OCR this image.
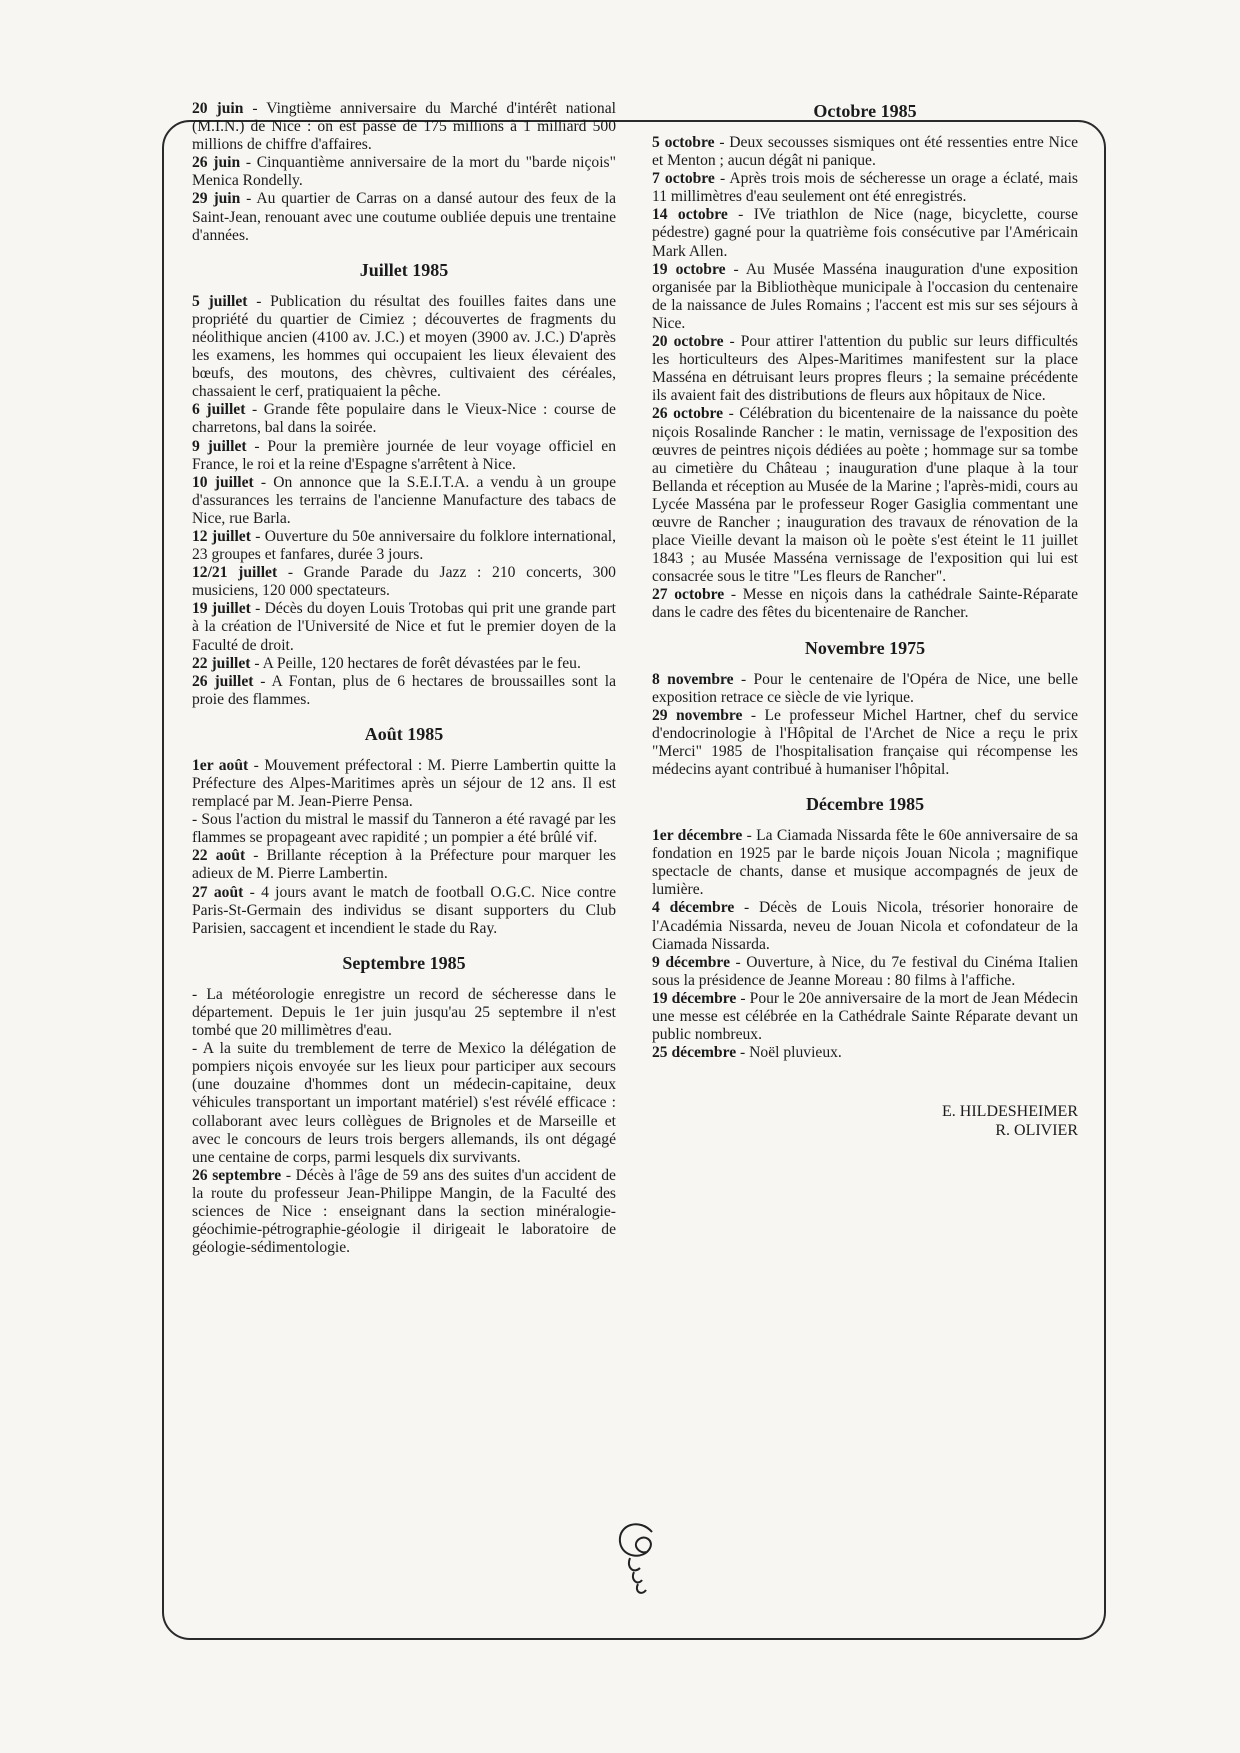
20 juin - Vingtième anniversaire du Marché d'intérêt national (M.I.N.) de Nice : on est passé de 175 millions à 1 milliard 500 millions de chiffre d'affaires.

26 juin - Cinquantième anniversaire de la mort du "barde niçois" Menica Rondelly.

29 juin - Au quartier de Carras on a dansé autour des feux de la Saint-Jean, renouant avec une coutume oubliée depuis une trentaine d'années.

Juillet 1985

5 juillet - Publication du résultat des fouilles faites dans une propriété du quartier de Cimiez ; découvertes de fragments du néolithique ancien (4100 av. J.C.) et moyen (3900 av. J.C.) D'après les examens, les hommes qui occupaient les lieux élevaient des bœufs, des moutons, des chèvres, cultivaient des céréales, chassaient le cerf, pratiquaient la pêche.

6 juillet - Grande fête populaire dans le Vieux-Nice : course de charretons, bal dans la soirée.

9 juillet - Pour la première journée de leur voyage officiel en France, le roi et la reine d'Espagne s'arrêtent à Nice.

10 juillet - On annonce que la S.E.I.T.A. a vendu à un groupe d'assurances les terrains de l'ancienne Manufacture des tabacs de Nice, rue Barla.

12 juillet - Ouverture du 50e anniversaire du folklore international, 23 groupes et fanfares, durée 3 jours.

12/21 juillet - Grande Parade du Jazz : 210 concerts, 300 musiciens, 120 000 spectateurs.

19 juillet - Décès du doyen Louis Trotobas qui prit une grande part à la création de l'Université de Nice et fut le premier doyen de la Faculté de droit.

22 juillet - A Peille, 120 hectares de forêt dévastées par le feu.

26 juillet - A Fontan, plus de 6 hectares de broussailles sont la proie des flammes.

Août 1985

1er août - Mouvement préfectoral : M. Pierre Lambertin quitte la Préfecture des Alpes-Maritimes après un séjour de 12 ans. Il est remplacé par M. Jean-Pierre Pensa.

- Sous l'action du mistral le massif du Tanneron a été ravagé par les flammes se propageant avec rapidité ; un pompier a été brûlé vif.

22 août - Brillante réception à la Préfecture pour marquer les adieux de M. Pierre Lambertin.

27 août - 4 jours avant le match de football O.G.C. Nice contre Paris-St-Germain des individus se disant supporters du Club Parisien, saccagent et incendient le stade du Ray.

Septembre 1985

- La météorologie enregistre un record de sécheresse dans le département. Depuis le 1er juin jusqu'au 25 septembre il n'est tombé que 20 millimètres d'eau.

- A la suite du tremblement de terre de Mexico la délégation de pompiers niçois envoyée sur les lieux pour participer aux secours (une douzaine d'hommes dont un médecin-capitaine, deux véhicules transportant un important matériel) s'est révélé efficace : collaborant avec leurs collègues de Brignoles et de Marseille et avec le concours de leurs trois bergers allemands, ils ont dégagé une centaine de corps, parmi lesquels dix survivants.

26 septembre - Décès à l'âge de 59 ans des suites d'un accident de la route du professeur Jean-Philippe Mangin, de la Faculté des sciences de Nice : enseignant dans la section minéralogie-géochimie-pétrographie-géologie il dirigeait le laboratoire de géologie-sédimentologie.

Octobre 1985

5 octobre - Deux secousses sismiques ont été ressenties entre Nice et Menton ; aucun dégât ni panique.

7 octobre - Après trois mois de sécheresse un orage a éclaté, mais 11 millimètres d'eau seulement ont été enregistrés.

14 octobre - IVe triathlon de Nice (nage, bicyclette, course pédestre) gagné pour la quatrième fois consécutive par l'Américain Mark Allen.

19 octobre - Au Musée Masséna inauguration d'une exposition organisée par la Bibliothèque municipale à l'occasion du centenaire de la naissance de Jules Romains ; l'accent est mis sur ses séjours à Nice.

20 octobre - Pour attirer l'attention du public sur leurs difficultés les horticulteurs des Alpes-Maritimes manifestent sur la place Masséna en détruisant leurs propres fleurs ; la semaine précédente ils avaient fait des distributions de fleurs aux hôpitaux de Nice.

26 octobre - Célébration du bicentenaire de la naissance du poète niçois Rosalinde Rancher : le matin, vernissage de l'exposition des œuvres de peintres niçois dédiées au poète ; hommage sur sa tombe au cimetière du Château ; inauguration d'une plaque à la tour Bellanda et réception au Musée de la Marine ; l'après-midi, cours au Lycée Masséna par le professeur Roger Gasiglia commentant une œuvre de Rancher ; inauguration des travaux de rénovation de la place Vieille devant la maison où le poète s'est éteint le 11 juillet 1843 ; au Musée Masséna vernissage de l'exposition qui lui est consacrée sous le titre "Les fleurs de Rancher".

27 octobre - Messe en niçois dans la cathédrale Sainte-Réparate dans le cadre des fêtes du bicentenaire de Rancher.

Novembre 1975

8 novembre - Pour le centenaire de l'Opéra de Nice, une belle exposition retrace ce siècle de vie lyrique.

29 novembre - Le professeur Michel Hartner, chef du service d'endocrinologie à l'Hôpital de l'Archet de Nice a reçu le prix "Merci" 1985 de l'hospitalisation française qui récompense les médecins ayant contribué à humaniser l'hôpital.

Décembre 1985

1er décembre - La Ciamada Nissarda fête le 60e anniversaire de sa fondation en 1925 par le barde niçois Jouan Nicola ; magnifique spectacle de chants, danse et musique accompagnés de jeux de lumière.

4 décembre - Décès de Louis Nicola, trésorier honoraire de l'Académia Nissarda, neveu de Jouan Nicola et cofondateur de la Ciamada Nissarda.

9 décembre - Ouverture, à Nice, du 7e festival du Cinéma Italien sous la présidence de Jeanne Moreau : 80 films à l'affiche.

19 décembre - Pour le 20e anniversaire de la mort de Jean Médecin une messe est célébrée en la Cathédrale Sainte Réparate devant un public nombreux.

25 décembre - Noël pluvieux.

E. HILDESHEIMER
R. OLIVIER
